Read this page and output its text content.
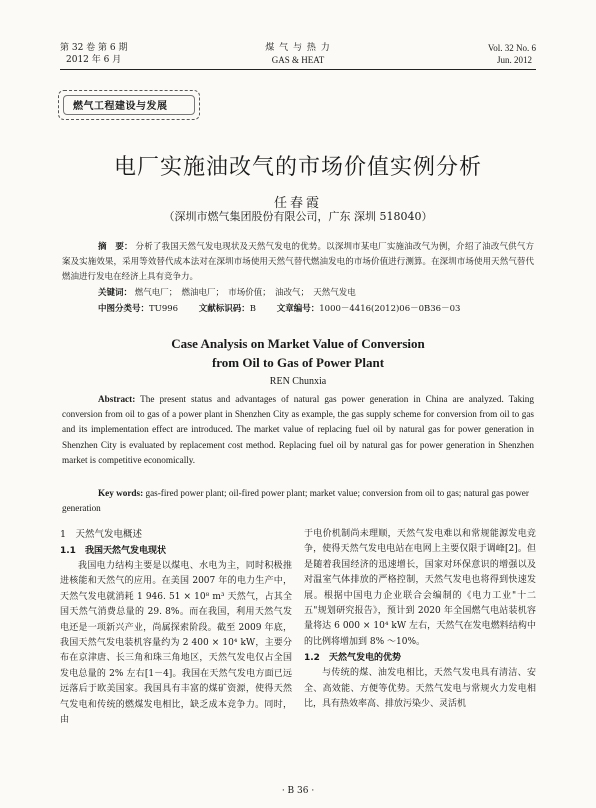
第 32 卷 第 6 期
2012 年 6 月
煤 气 与 热 力
GAS & HEAT
Vol. 32 No. 6
Jun. 2012
燃气工程建设与发展
电厂实施油改气的市场价值实例分析
任春霞
（深圳市燃气集团股份有限公司，广东 深圳 518040）
摘　要： 分析了我国天然气发电现状及天然气发电的优势。以深圳市某电厂实施油改气为例，介绍了油改气供气方案及实施效果，采用等效替代成本法对在深圳市场使用天然气替代燃油发电的市场价值进行测算。在深圳市场使用天然气替代燃油进行发电在经济上具有竞争力。
关键词： 燃气电厂；　燃油电厂；　市场价值；　油改气；　天然气发电
中图分类号：TU996 文献标识码：B 文章编号：1000－4416(2012)06－0B36－03
Case Analysis on Market Value of Conversion
from Oil to Gas of Power Plant
REN Chunxia
Abstract: The present status and advantages of natural gas power generation in China are analyzed. Taking conversion from oil to gas of a power plant in Shenzhen City as example, the gas supply scheme for conversion from oil to gas and its implementation effect are introduced. The market value of replacing fuel oil by natural gas for power generation in Shenzhen City is evaluated by replacement cost method. Replacing fuel oil by natural gas for power generation in Shenzhen market is competitive economically.
Key words: gas-fired power plant; oil-fired power plant; market value; conversion from oil to gas; natural gas power generation
1　天然气发电概述
1.1　我国天然气发电现状

我国电力结构主要是以煤电、水电为主，同时积极推进核能和天然气的应用。在美国 2007 年的电力生产中，天然气发电就消耗 1 946. 51 × 10⁸ m³ 天然气，占其全国天然气消费总量的 29. 8%。而在我国，利用天然气发电还是一项新兴产业，尚属探索阶段。截至 2009 年底，我国天然气发电装机容量约为 2 400 × 10⁴ kW，主要分布在京津唐、长三角和珠三角地区，天然气发电仅占全国发电总量的 2% 左右[1－4]。我国在天然气发电方面已远远落后于欧美国家。我国具有丰富的煤矿资源，使得天然气发电和传统的燃煤发电相比，缺乏成本竞争力。同时，由

于电价机制尚未理顺，天然气发电难以和常规能源发电竞争，使得天然气发电电站在电网上主要仅限于调峰[2]。但是随着我国经济的迅速增长，国家对环保意识的增强以及对温室气体排放的严格控制，天然气发电也将得到快速发展。根据中国电力企业联合会编制的《电力工业"十二五"规划研究报告》，预计到 2020 年全国燃气电站装机容量将达 6 000 × 10⁴ kW 左右，天然气在发电燃料结构中的比例将增加到 8% ～10%。

1.2　天然气发电的优势

与传统的煤、油发电相比，天然气发电具有清洁、安全、高效能、方便等优势。天然气发电与常规火力发电相比，具有热效率高、排放污染少、灵活机

· B 36 ·
